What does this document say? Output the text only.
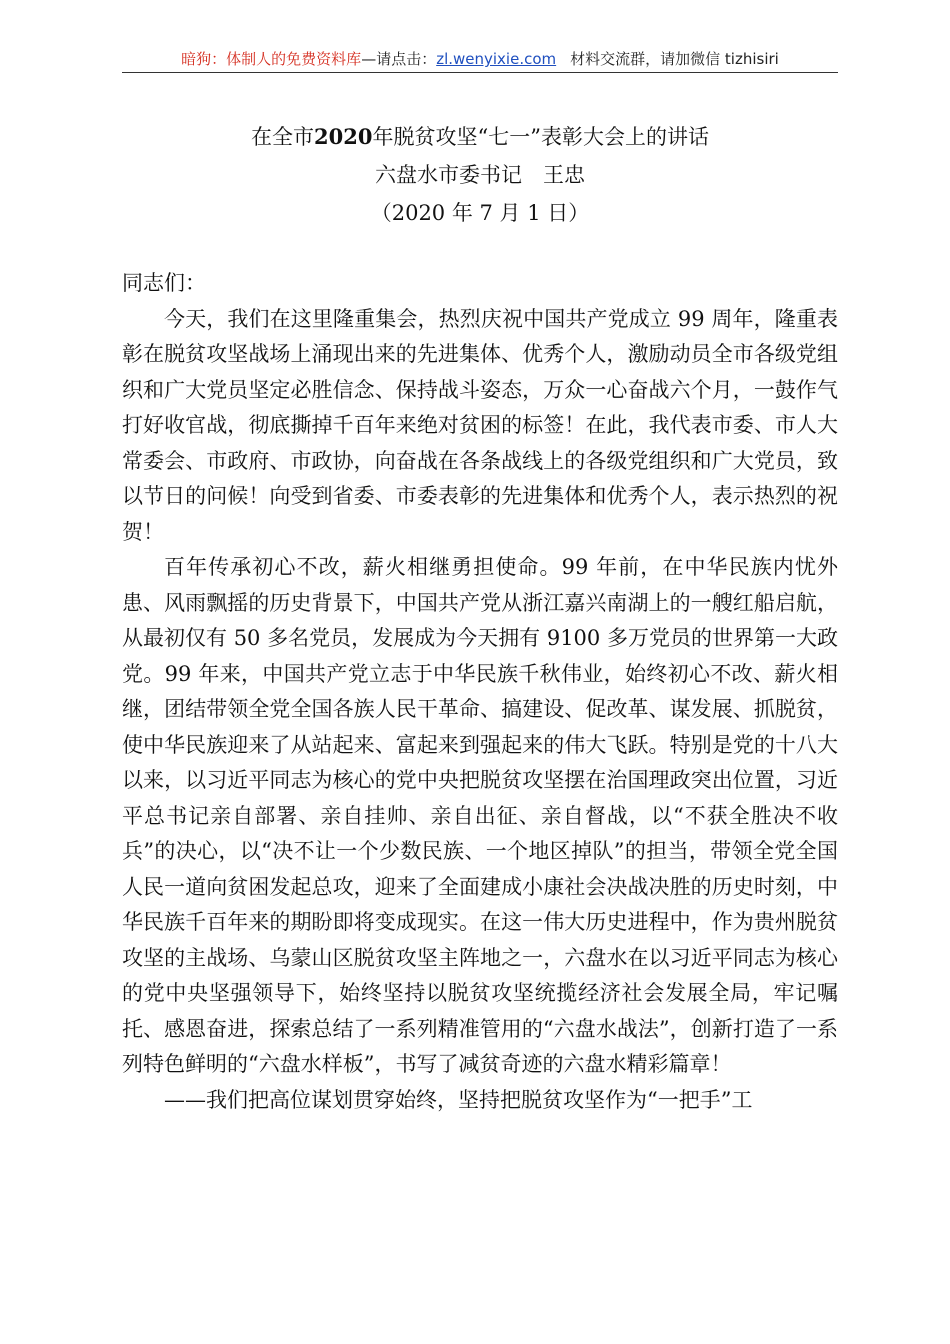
暗狗：体制人的免费资料库—请点击：zl.wenyixie.com 材料交流群，请加微信 tizhisiri
在全市2020年脱贫攻坚“七一”表彰大会上的讲话
六盘水市委书记　王忠
（2020 年 7 月 1 日）

同志们：

今天，我们在这里隆重集会，热烈庆祝中国共产党成立 99 周年，隆重表彰在脱贫攻坚战场上涌现出来的先进集体、优秀个人，激励动员全市各级党组织和广大党员坚定必胜信念、保持战斗姿态，万众一心奋战六个月，一鼓作气打好收官战，彻底撕掉千百年来绝对贫困的标签！在此，我代表市委、市人大常委会、市政府、市政协，向奋战在各条战线上的各级党组织和广大党员，致以节日的问候！向受到省委、市委表彰的先进集体和优秀个人，表示热烈的祝贺！

百年传承初心不改，薪火相继勇担使命。99 年前，在中华民族内忧外患、风雨飘摇的历史背景下，中国共产党从浙江嘉兴南湖上的一艘红船启航，从最初仅有 50 多名党员，发展成为今天拥有 9100 多万党员的世界第一大政党。99 年来，中国共产党立志于中华民族千秋伟业，始终初心不改、薪火相继，团结带领全党全国各族人民干革命、搞建设、促改革、谋发展、抓脱贫，使中华民族迎来了从站起来、富起来到强起来的伟大飞跃。特别是党的十八大以来，以习近平同志为核心的党中央把脱贫攻坚摆在治国理政突出位置，习近平总书记亲自部署、亲自挂帅、亲自出征、亲自督战，以“不获全胜决不收兵”的决心，以“决不让一个少数民族、一个地区掉队”的担当，带领全党全国人民一道向贫困发起总攻，迎来了全面建成小康社会决战决胜的历史时刻，中华民族千百年来的期盼即将变成现实。在这一伟大历史进程中，作为贵州脱贫攻坚的主战场、乌蒙山区脱贫攻坚主阵地之一，六盘水在以习近平同志为核心的党中央坚强领导下，始终坚持以脱贫攻坚统揽经济社会发展全局，牢记嘱托、感恩奋进，探索总结了一系列精准管用的“六盘水战法”，创新打造了一系列特色鲜明的“六盘水样板”，书写了减贫奇迹的六盘水精彩篇章！

——我们把高位谋划贯穿始终，坚持把脱贫攻坚作为“一把手”工
